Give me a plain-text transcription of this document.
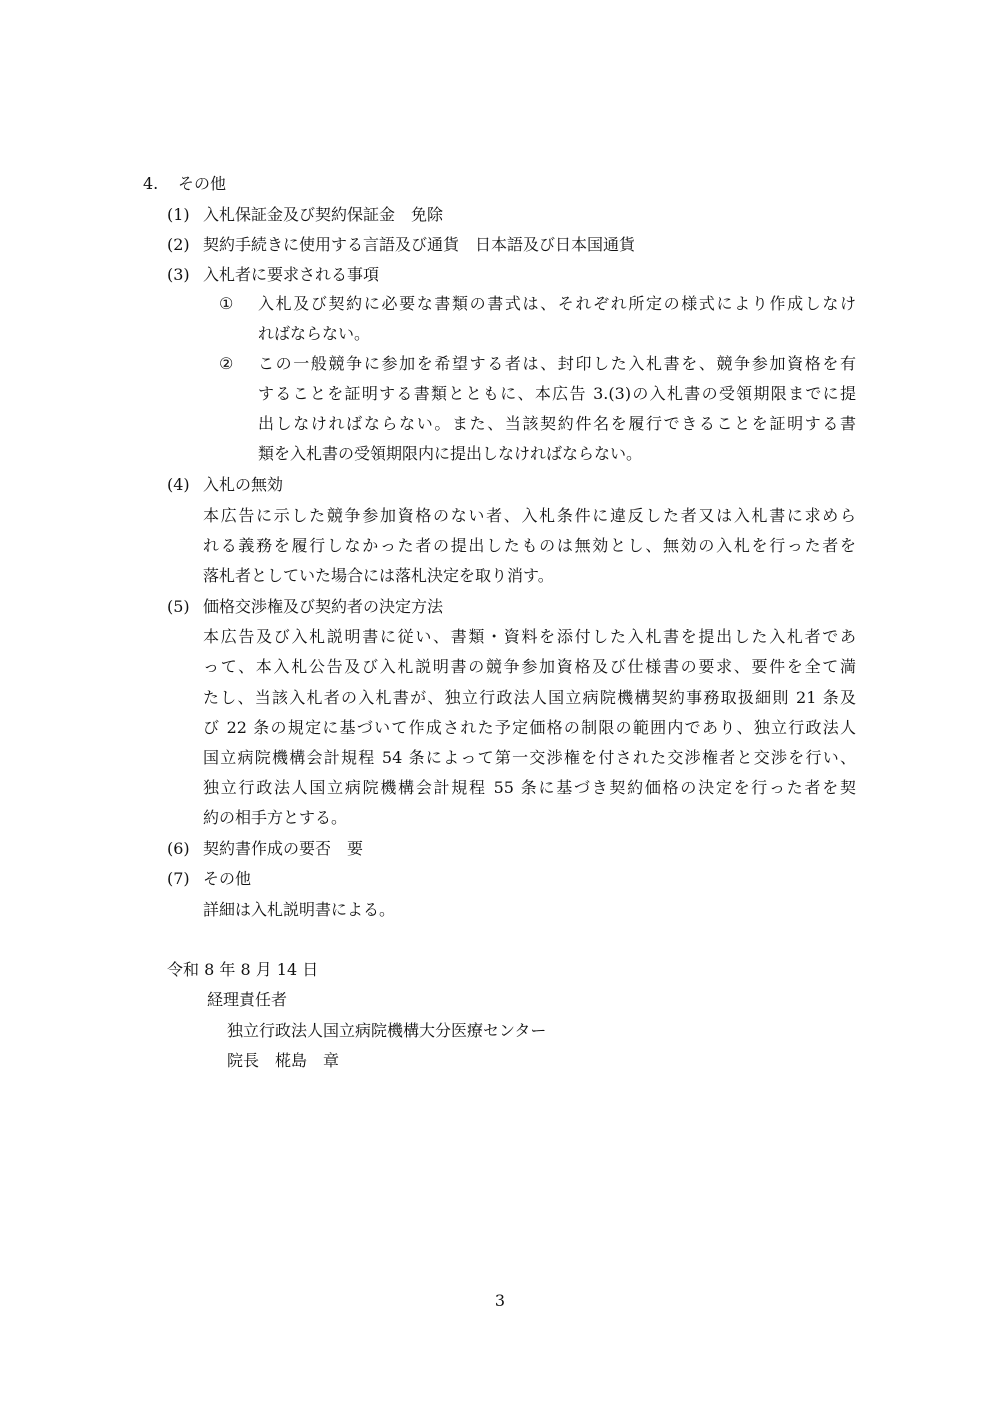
4. その他
(1) 入札保証金及び契約保証金　免除
(2) 契約手続きに使用する言語及び通貨　日本語及び日本国通貨
(3) 入札者に要求される事項
① 入札及び契約に必要な書類の書式は、それぞれ所定の様式により作成しなけ
ればならない。
② この一般競争に参加を希望する者は、封印した入札書を、競争参加資格を有
することを証明する書類とともに、本広告 3.(3)の入札書の受領期限までに提
出しなければならない。また、当該契約件名を履行できることを証明する書
類を入札書の受領期限内に提出しなければならない。
(4) 入札の無効
本広告に示した競争参加資格のない者、入札条件に違反した者又は入札書に求めら
れる義務を履行しなかった者の提出したものは無効とし、無効の入札を行った者を
落札者としていた場合には落札決定を取り消す。
(5) 価格交渉権及び契約者の決定方法
本広告及び入札説明書に従い、書類・資料を添付した入札書を提出した入札者であ
って、本入札公告及び入札説明書の競争参加資格及び仕様書の要求、要件を全て満
たし、当該入札者の入札書が、独立行政法人国立病院機構契約事務取扱細則 21 条及
び 22 条の規定に基づいて作成された予定価格の制限の範囲内であり、独立行政法人
国立病院機構会計規程 54 条によって第一交渉権を付された交渉権者と交渉を行い、
独立行政法人国立病院機構会計規程 55 条に基づき契約価格の決定を行った者を契
約の相手方とする。
(6) 契約書作成の要否　要
(7) その他
詳細は入札説明書による。
令和 8 年 8 月 14 日
経理責任者
独立行政法人国立病院機構大分医療センター
院長　椛島　章
3
